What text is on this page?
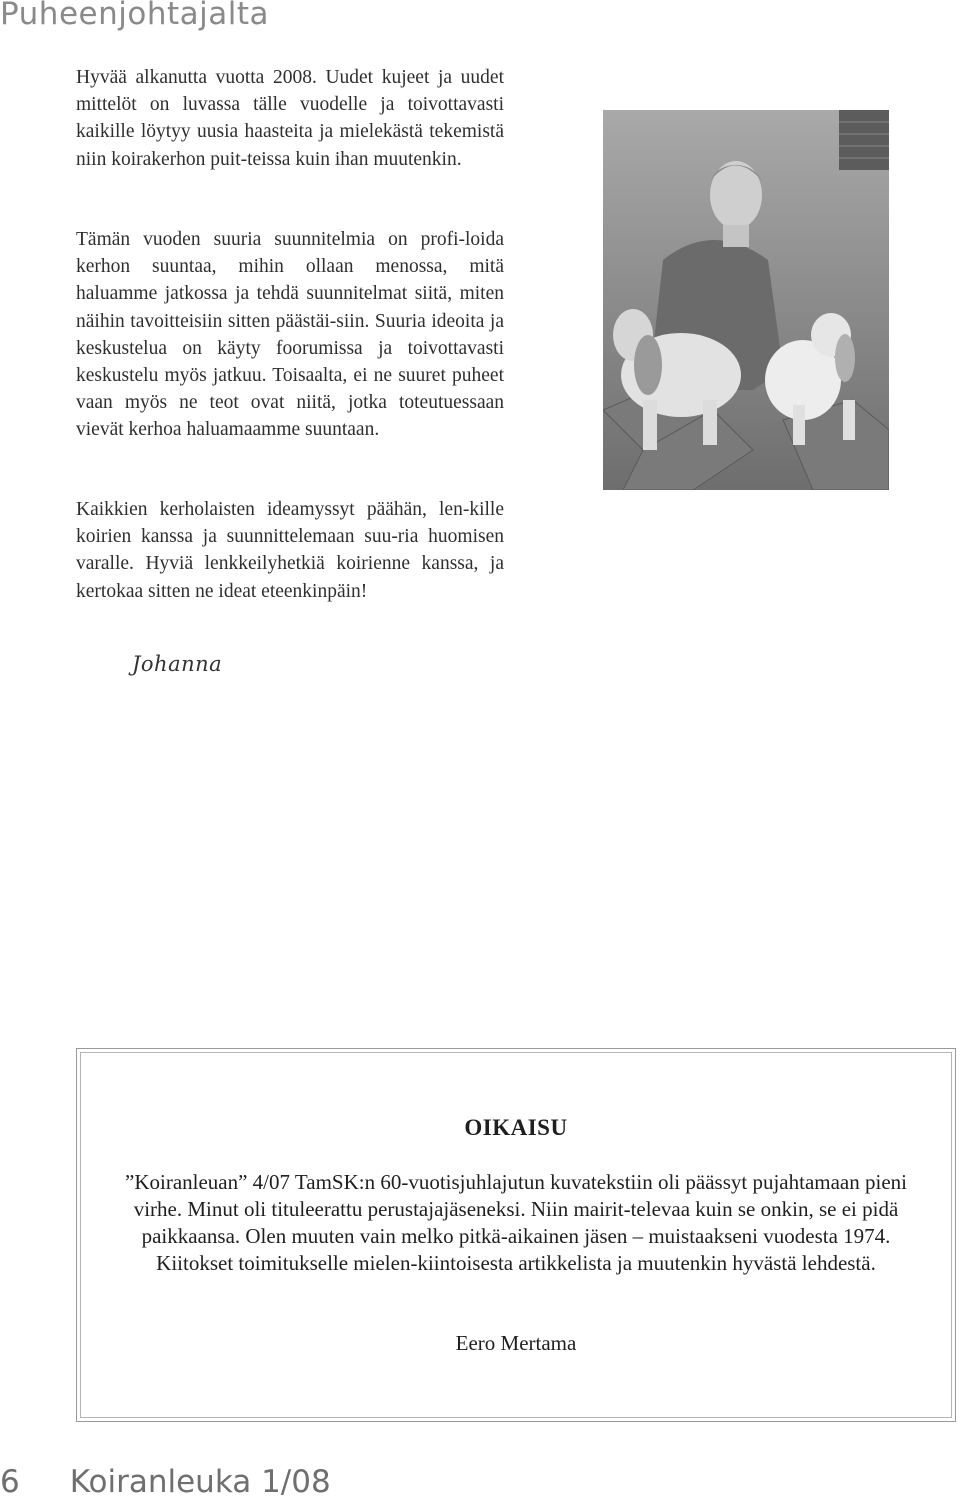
Puheenjohtajalta

Hyvää alkanutta vuotta 2008. Uudet kujeet ja uudet mittelöt on luvassa tälle vuodelle ja toivottavasti kaikille löytyy uusia haasteita ja mielekästä tekemistä niin koirakerhon puit-teissa kuin ihan muutenkin.

Tämän vuoden suuria suunnitelmia on profi-loida kerhon suuntaa, mihin ollaan menossa, mitä haluamme jatkossa ja tehdä suunnitelmat siitä, miten näihin tavoitteisiin sitten päästäi-siin. Suuria ideoita ja keskustelua on käyty foorumissa ja toivottavasti keskustelu myös jatkuu. Toisaalta, ei ne suuret puheet vaan myös ne teot ovat niitä, jotka toteutuessaan vievät kerhoa haluamaamme suuntaan.

Kaikkien kerholaisten ideamyssyt päähän, len-kille koirien kanssa ja suunnittelemaan suu-ria huomisen varalle. Hyviä lenkkeilyhetkiä koirienne kanssa, ja kertokaa sitten ne ideat eteenkinpäin!

Johanna
OIKAISU

”Koiranleuan” 4/07 TamSK:n 60-vuotisjuhlajutun kuvatekstiin oli päässyt pujahtamaan pieni virhe. Minut oli tituleerattu perustajajäseneksi. Niin mairit-televaa kuin se onkin, se ei pidä paikkaansa. Olen muuten vain melko pitkä-aikainen jäsen – muistaakseni vuodesta 1974. Kiitokset toimitukselle mielen-kiintoisesta artikkelista ja muutenkin hyvästä lehdestä.

Eero Mertama
6 Koiranleuka 1/08
